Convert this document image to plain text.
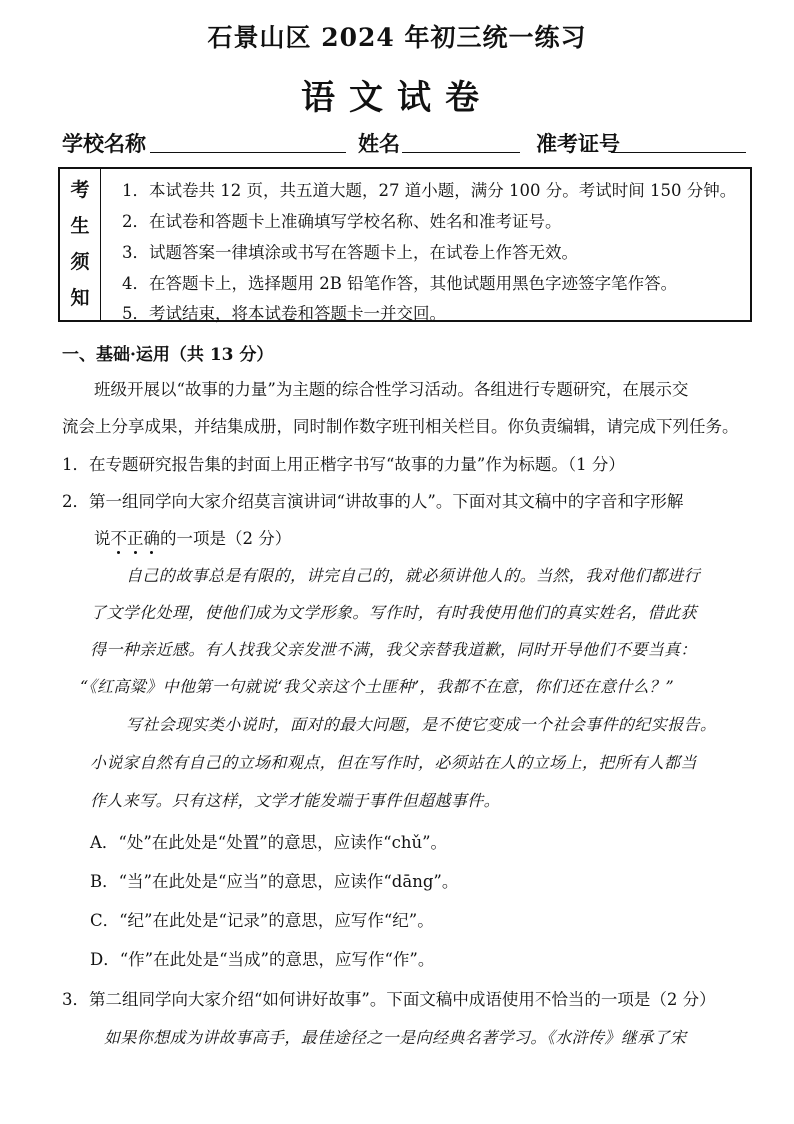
石景山区 2024 年初三统一练习
语文试卷
学校名称	姓名	准考证号
考
生
须
知
1．本试卷共 12 页，共五道大题，27 道小题，满分 100 分。考试时间 150 分钟。
2．在试卷和答题卡上准确填写学校名称、姓名和准考证号。
3．试题答案一律填涂或书写在答题卡上，在试卷上作答无效。
4．在答题卡上，选择题用 2B 铅笔作答，其他试题用黑色字迹签字笔作答。
5．考试结束，将本试卷和答题卡一并交回。
一、基础·运用（共 13 分）
班级开展以“故事的力量”为主题的综合性学习活动。各组进行专题研究，在展示交
流会上分享成果，并结集成册，同时制作数字班刊相关栏目。你负责编辑，请完成下列任务。
1．在专题研究报告集的封面上用正楷字书写“故事的力量”作为标题。（1 分）
2．第一组同学向大家介绍莫言演讲词“讲故事的人”。下面对其文稿中的字音和字形解
说不正确的一项是（2 分）
自己的故事总是有限的，讲完自己的，就必须讲他人的。当然，我对他们都进行
了文学化处理，使他们成为文学形象。写作时，有时我使用他们的真实姓名，借此获
得一种亲近感。有人找我父亲发泄不满，我父亲替我道歉，同时开导他们不要当真：
“《红高粱》中他第一句就说‘我父亲这个土匪种’，我都不在意，你们还在意什么？”
写社会现实类小说时，面对的最大问题，是不使它变成一个社会事件的纪实报告。
小说家自然有自己的立场和观点，但在写作时，必须站在人的立场上，把所有人都当
作人来写。只有这样，文学才能发端于事件但超越事件。
A．“处”在此处是“处置”的意思，应读作“chǔ”。
B．“当”在此处是“应当”的意思，应读作“dāng”。
C．“纪”在此处是“记录”的意思，应写作“纪”。
D．“作”在此处是“当成”的意思，应写作“作”。
3．第二组同学向大家介绍“如何讲好故事”。下面文稿中成语使用不恰当的一项是（2 分）
如果你想成为讲故事高手，最佳途径之一是向经典名著学习。《水浒传》继承了宋
